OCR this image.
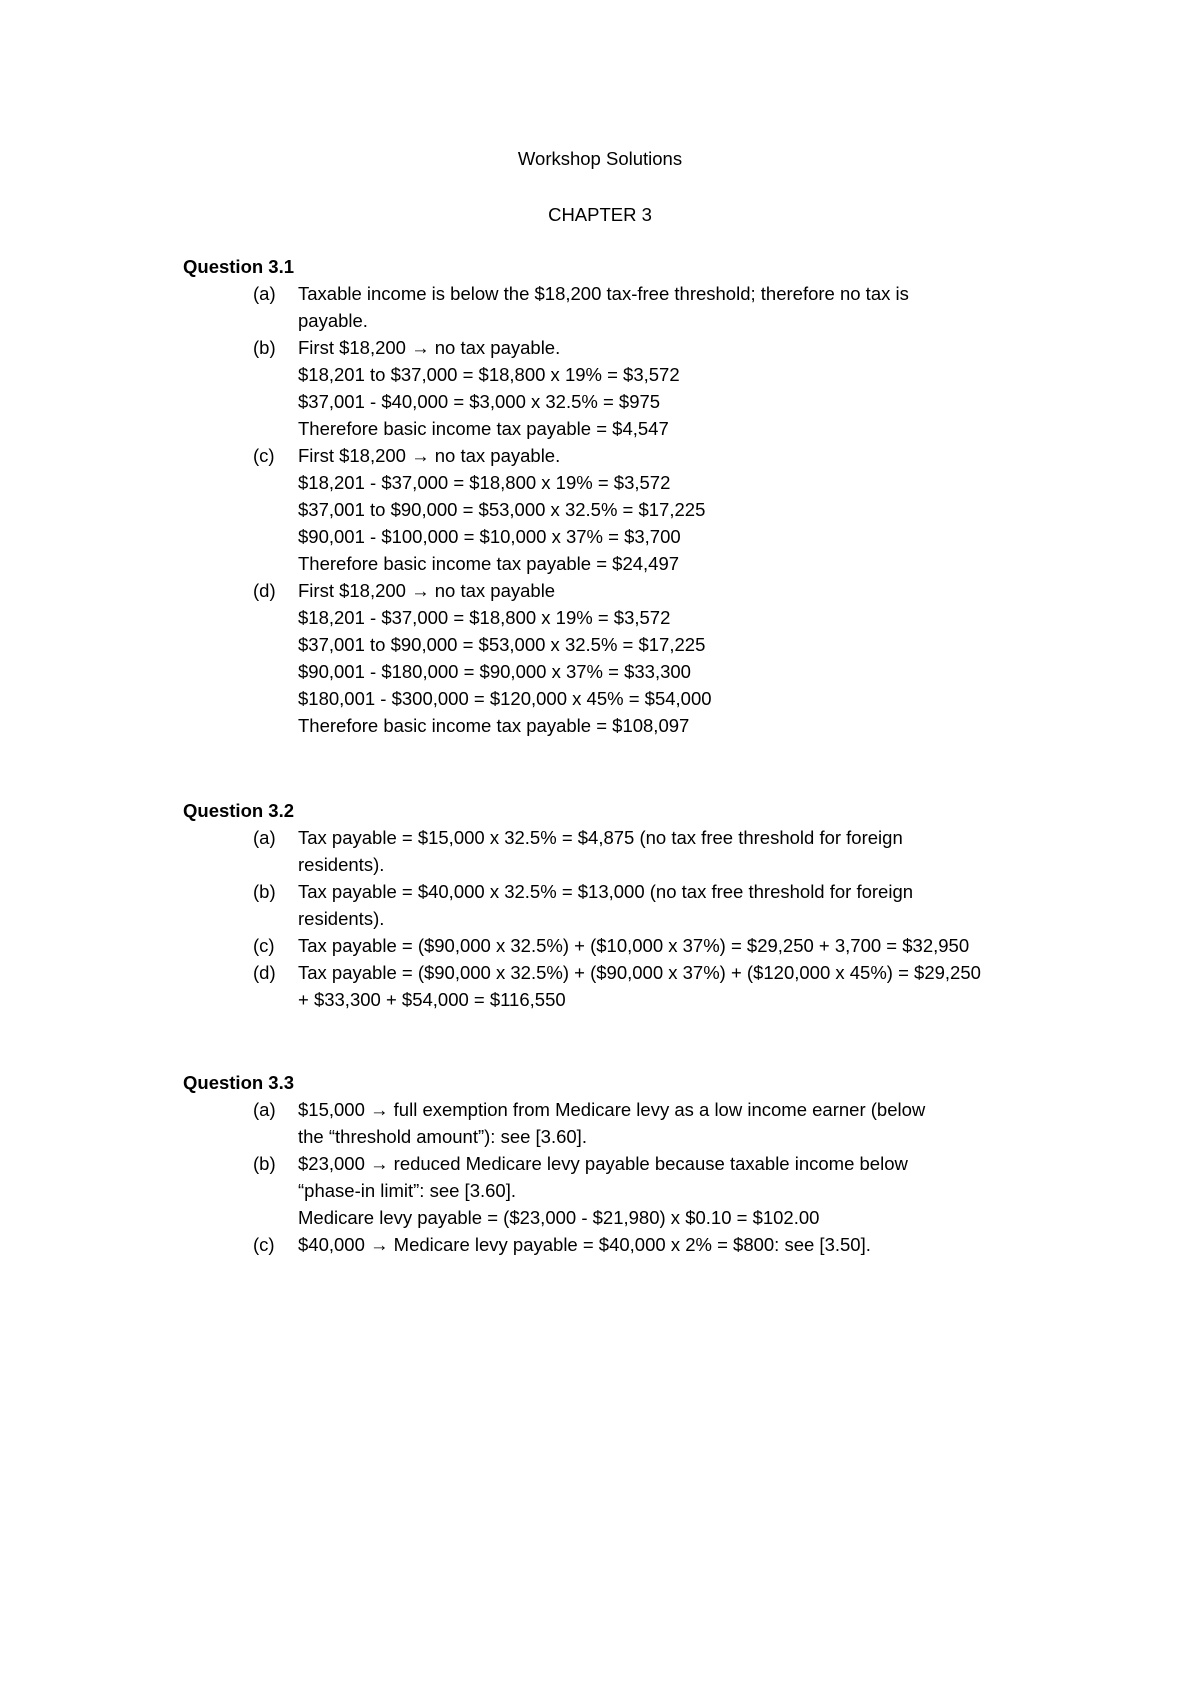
Workshop Solutions
CHAPTER 3
Question 3.1
(a)	Taxable income is below the $18,200 tax-free threshold; therefore no tax is
payable.
(b)	First $18,200 → no tax payable.
$18,201 to $37,000 = $18,800 x 19% = $3,572
$37,001 - $40,000 = $3,000 x 32.5% = $975
Therefore basic income tax payable = $4,547
(c)	First $18,200 → no tax payable.
$18,201 - $37,000 = $18,800 x 19% = $3,572
$37,001 to $90,000 = $53,000 x 32.5% = $17,225
$90,001 - $100,000 = $10,000 x 37% = $3,700
Therefore basic income tax payable = $24,497
(d)	First $18,200 → no tax payable
$18,201 - $37,000 = $18,800 x 19% = $3,572
$37,001 to $90,000 = $53,000 x 32.5% = $17,225
$90,001 - $180,000 = $90,000 x 37% = $33,300
$180,001 - $300,000 = $120,000 x 45% = $54,000
Therefore basic income tax payable = $108,097
Question 3.2
(a)	Tax payable = $15,000 x 32.5% = $4,875 (no tax free threshold for foreign
residents).
(b)	Tax payable = $40,000 x 32.5% = $13,000 (no tax free threshold for foreign
residents).
(c)	Tax payable = ($90,000 x 32.5%) + ($10,000 x 37%) = $29,250 + 3,700 = $32,950
(d)	Tax payable = ($90,000 x 32.5%) + ($90,000 x 37%) + ($120,000 x 45%) = $29,250
+ $33,300 + $54,000 = $116,550
Question 3.3
(a)	$15,000 → full exemption from Medicare levy as a low income earner (below
the “threshold amount”): see [3.60].
(b)	$23,000 → reduced Medicare levy payable because taxable income below
“phase-in limit”: see [3.60].
Medicare levy payable = ($23,000 - $21,980) x $0.10 = $102.00
(c)	$40,000 → Medicare levy payable = $40,000 x 2% = $800: see [3.50].
